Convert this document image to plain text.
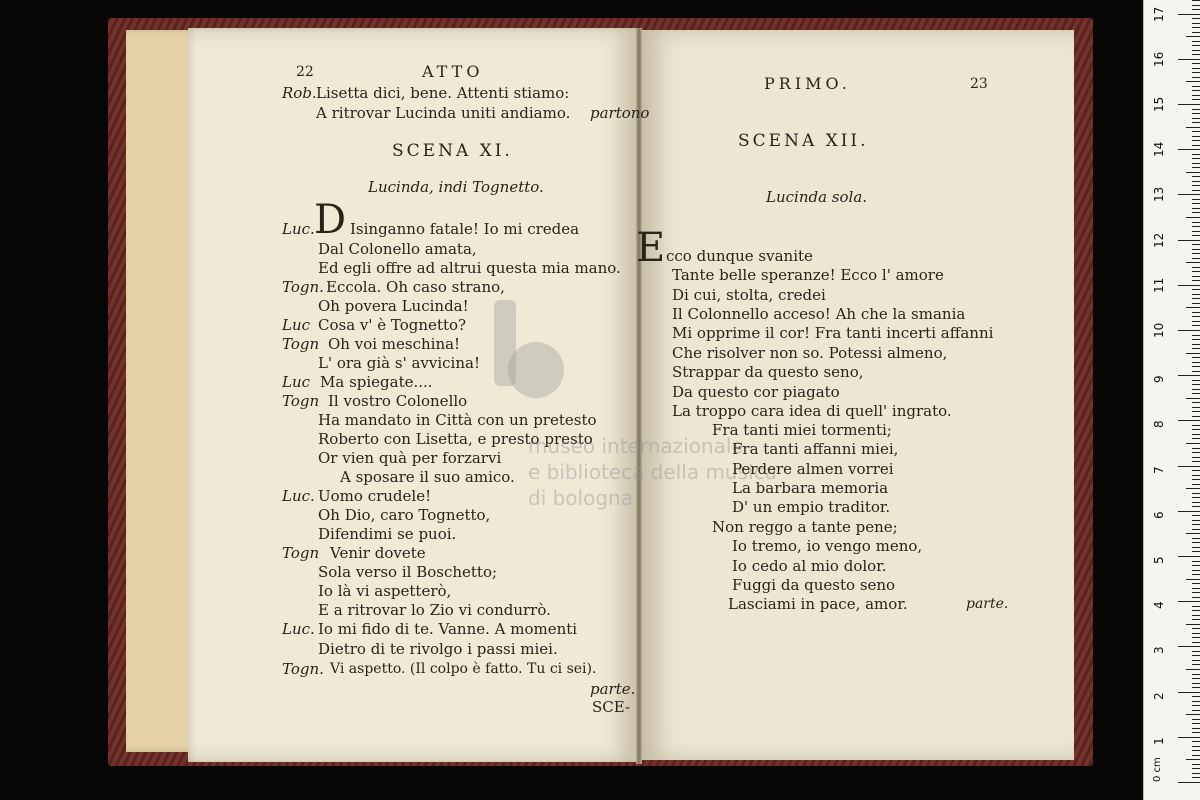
museo internazionale
e biblioteca della musica
di bologna
22	ATTO
Rob. Lisetta dici, bene. Attenti stiamo:
A ritrovar Lucinda uniti andiamo. partono
SCENA XI.
Lucinda, indi Tognetto.
Luc. D Isinganno fatale! Io mi credea
Dal Colonello amata,
Ed egli offre ad altrui questa mia mano.
Togn. Eccola. Oh caso strano,
Oh povera Lucinda!
Luc Cosa v' è Tognetto?
Togn Oh voi meschina!
L' ora già s' avvicina!
Luc Ma spiegate....
Togn Il vostro Colonello
Ha mandato in Città con un pretesto
Roberto con Lisetta, e presto presto
Or vien quà per forzarvi
A sposare il suo amico.
Luc. Uomo crudele!
Oh Dio, caro Tognetto,
Difendimi se puoi.
Togn Venir dovete
Sola verso il Boschetto;
Io là vi aspetterò,
E a ritrovar lo Zio vi condurrò.
Luc. Io mi fido di te. Vanne. A momenti
Dietro di te rivolgo i passi miei.
Togn. Vi aspetto. (Il colpo è fatto. Tu ci sei).
parte.
SCE-
PRIMO.	23
SCENA XII.
Lucinda sola.
E cco dunque svanite
Tante belle speranze! Ecco l' amore
Di cui, stolta, credei
Il Colonnello acceso! Ah che la smania
Mi opprime il cor! Fra tanti incerti affanni
Che risolver non so. Potessi almeno,
Strappar da questo seno,
Da questo cor piagato
La troppo cara idea di quell' ingrato.
Fra tanti miei tormenti;
Fra tanti affanni miei,
Perdere almen vorrei
La barbara memoria
D' un empio traditor.
Non reggo a tante pene;
Io tremo, io vengo meno,
Io cedo al mio dolor.
Fuggi da questo seno
Lasciami in pace, amor.	parte.
1
2
3
4
5
6
7
8
9
10
11
12
13
14
15
16
17
0 cm
